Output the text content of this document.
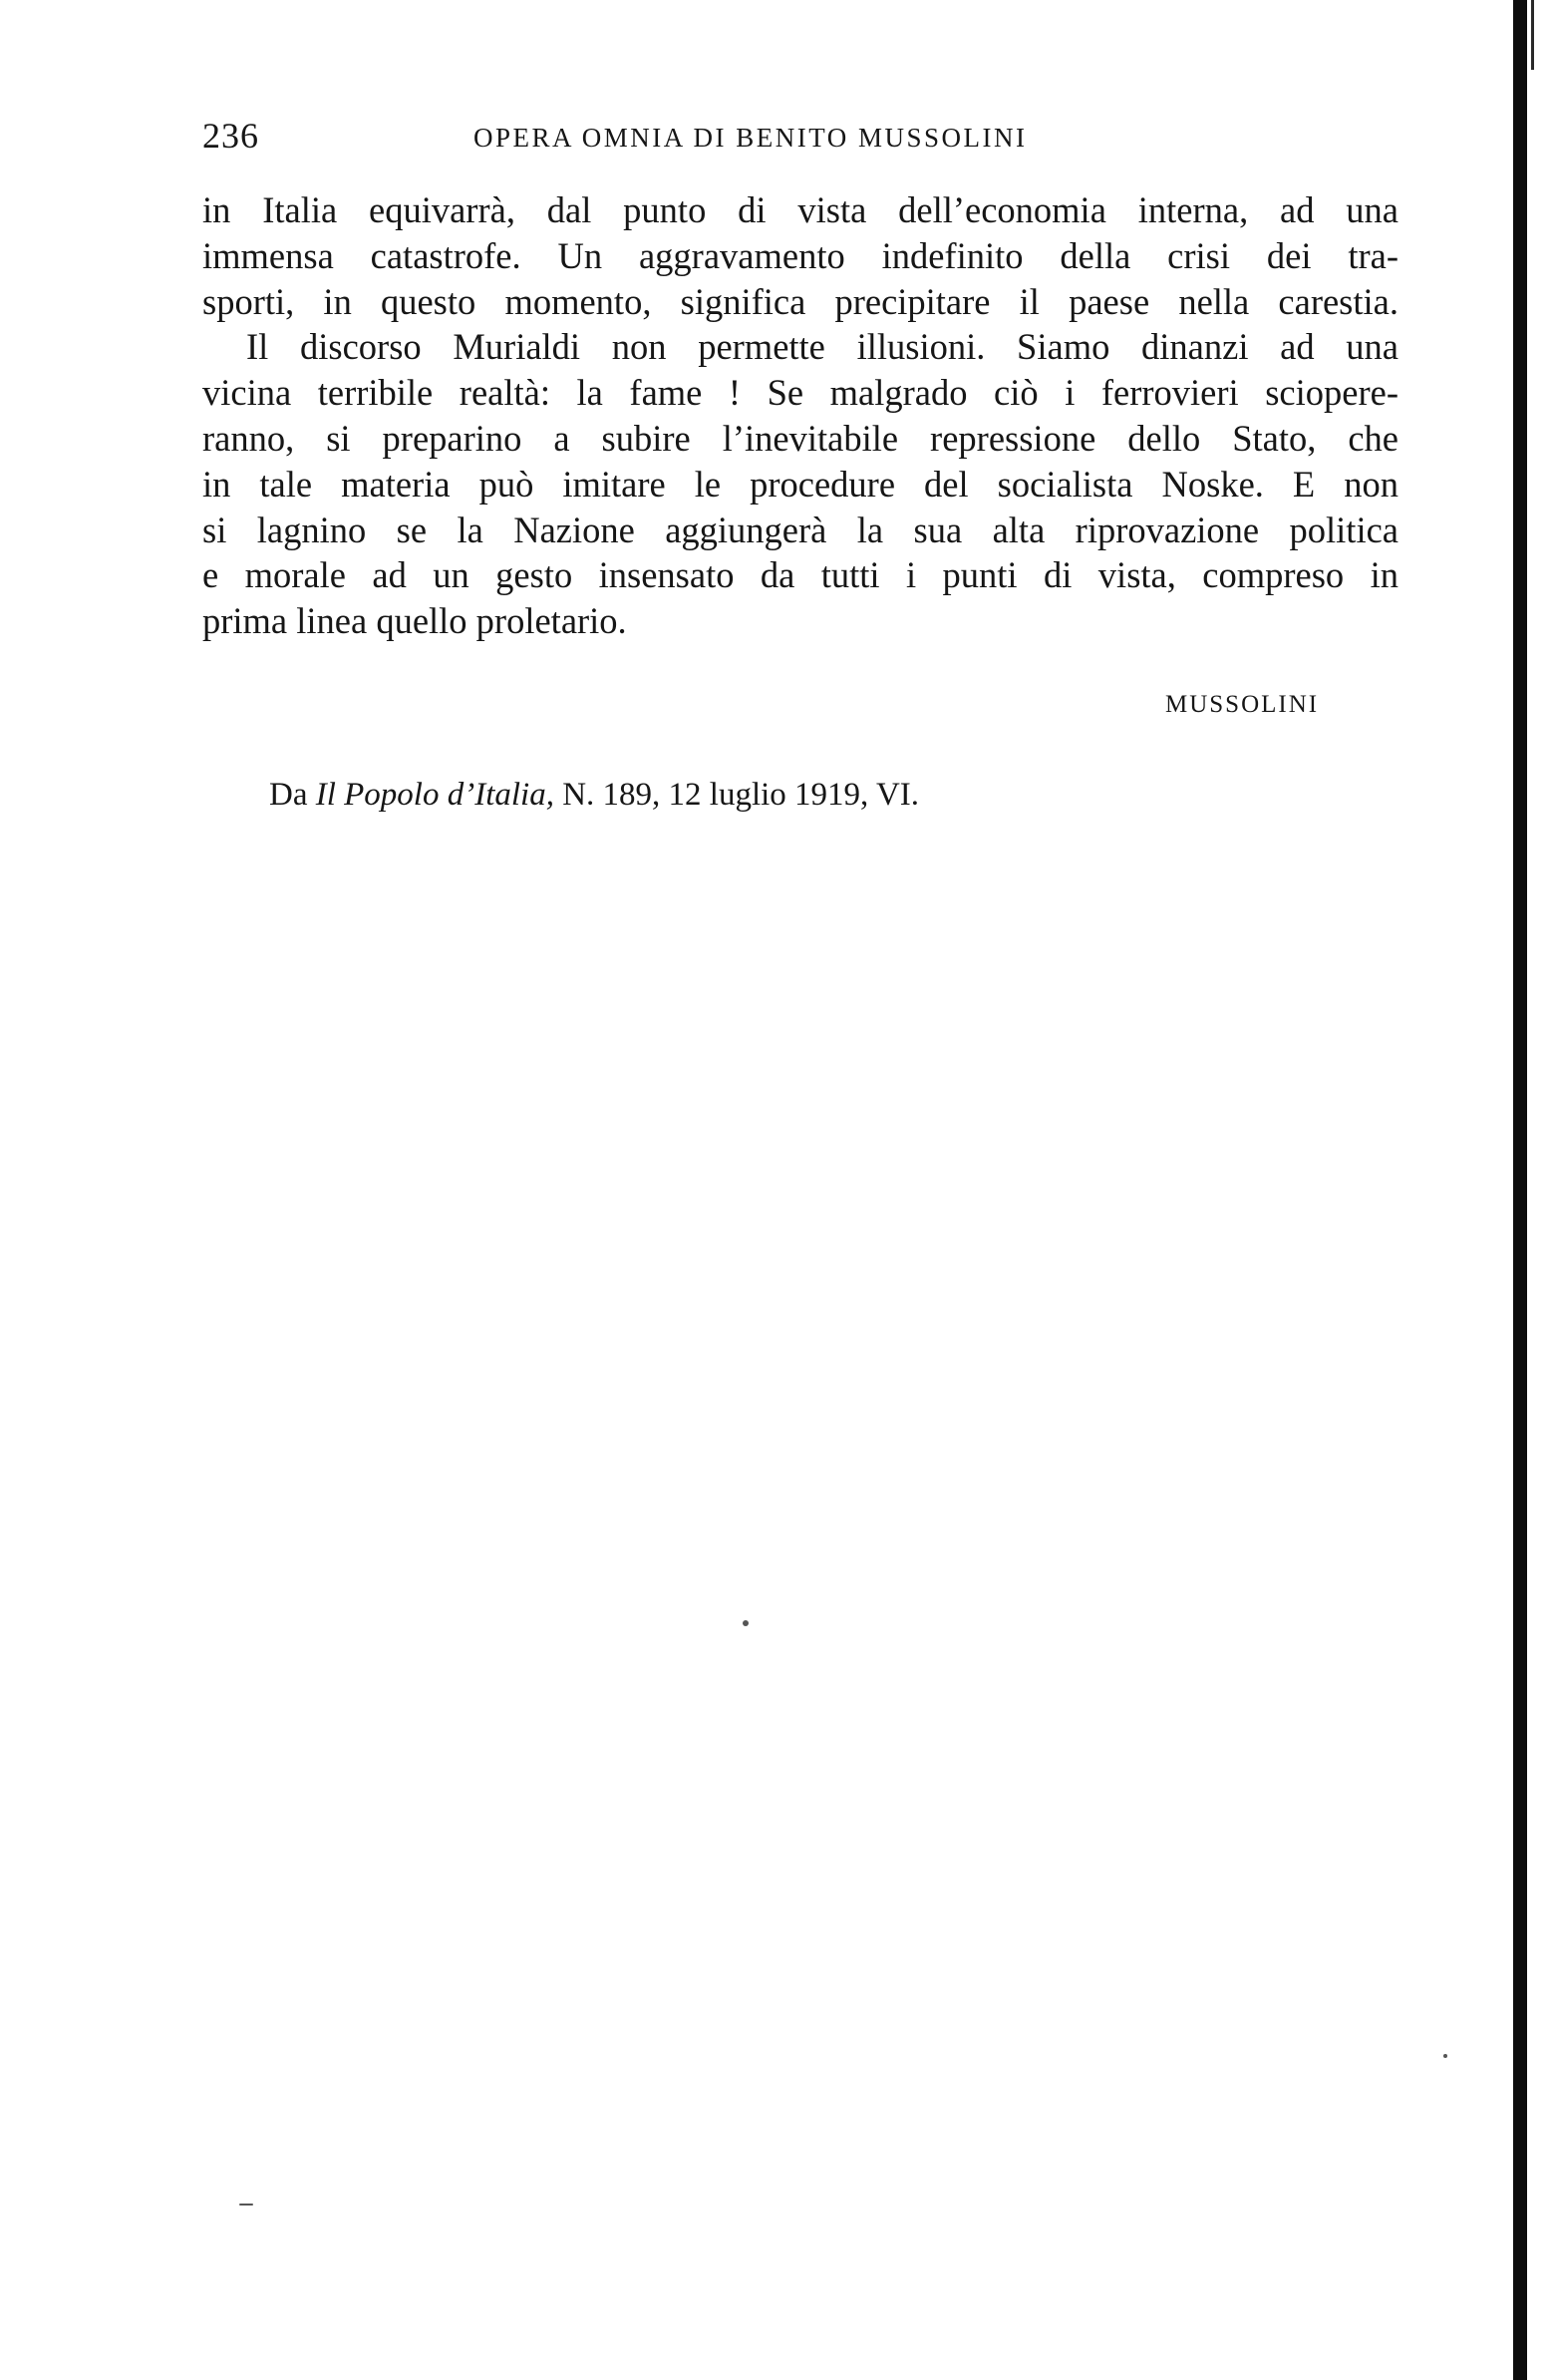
236	OPERA OMNIA DI BENITO MUSSOLINI
in Italia equivarrà, dal punto di vista dell’economia interna, ad una
immensa catastrofe. Un aggravamento indefinito della crisi dei tra-
sporti, in questo momento, significa precipitare il paese nella carestia.
Il discorso Murialdi non permette illusioni. Siamo dinanzi ad una
vicina terribile realtà: la fame ! Se malgrado ciò i ferrovieri sciopere-
ranno, si preparino a subire l’inevitabile repressione dello Stato, che
in tale materia può imitare le procedure del socialista Noske. E non
si lagnino se la Nazione aggiungerà la sua alta riprovazione politica
e morale ad un gesto insensato da tutti i punti di vista, compreso in
prima linea quello proletario.
MUSSOLINI
Da Il Popolo d’Italia, N. 189, 12 luglio 1919, VI.
